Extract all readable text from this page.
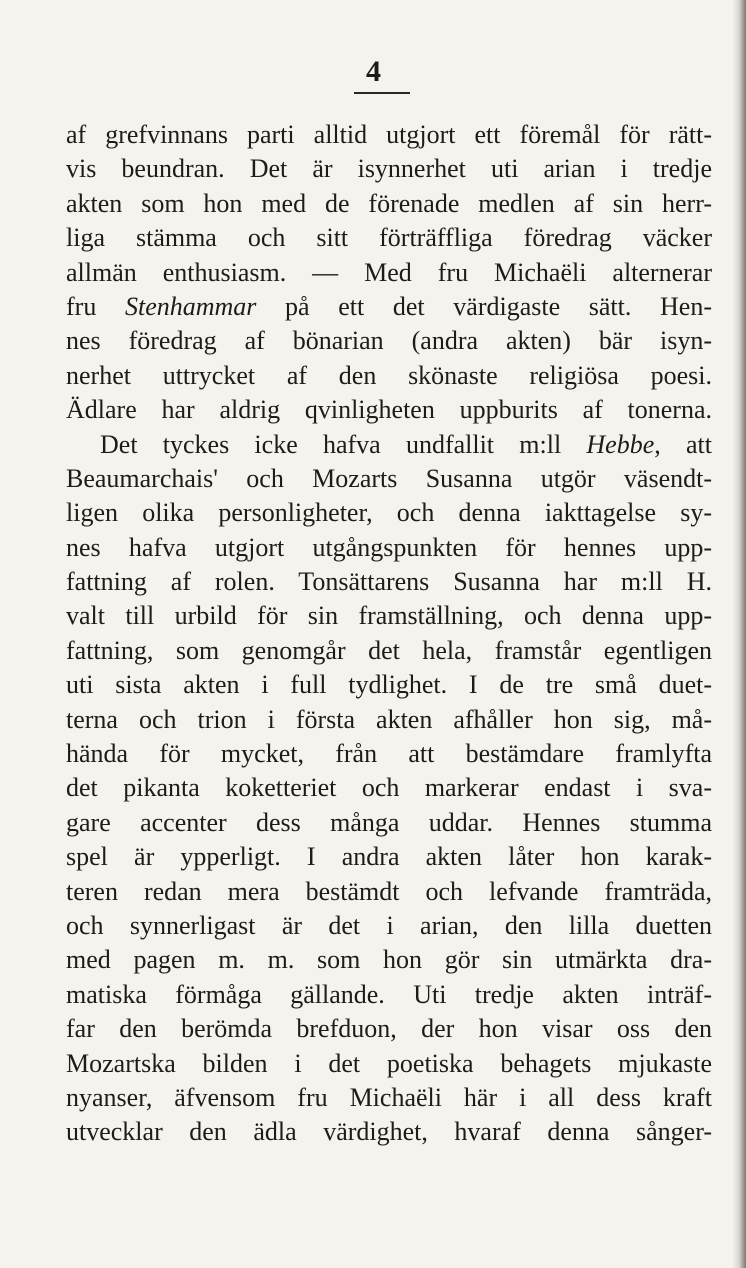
4
af grefvinnans parti alltid utgjort ett föremål för rätt-
vis beundran. Det är isynnerhet uti arian i tredje
akten som hon med de förenade medlen af sin herr-
liga stämma och sitt förträffliga föredrag väcker
allmän enthusiasm. — Med fru Michaëli alternerar
fru Stenhammar på ett det värdigaste sätt. Hen-
nes föredrag af bönarian (andra akten) bär isyn-
nerhet uttrycket af den skönaste religiösa poesi.
Ädlare har aldrig qvinligheten uppburits af tonerna.
Det tyckes icke hafva undfallit m:ll Hebbe, att
Beaumarchais' och Mozarts Susanna utgör väsendt-
ligen olika personligheter, och denna iakttagelse sy-
nes hafva utgjort utgångspunkten för hennes upp-
fattning af rolen. Tonsättarens Susanna har m:ll H.
valt till urbild för sin framställning, och denna upp-
fattning, som genomgår det hela, framstår egentligen
uti sista akten i full tydlighet. I de tre små duet-
terna och trion i första akten afhåller hon sig, må-
hända för mycket, från att bestämdare framlyfta
det pikanta koketteriet och markerar endast i sva-
gare accenter dess många uddar. Hennes stumma
spel är ypperligt. I andra akten låter hon karak-
teren redan mera bestämdt och lefvande framträda,
och synnerligast är det i arian, den lilla duetten
med pagen m. m. som hon gör sin utmärkta dra-
matiska förmåga gällande. Uti tredje akten inträf-
far den berömda brefduon, der hon visar oss den
Mozartska bilden i det poetiska behagets mjukaste
nyanser, äfvensom fru Michaëli här i all dess kraft
utvecklar den ädla värdighet, hvaraf denna sånger-
